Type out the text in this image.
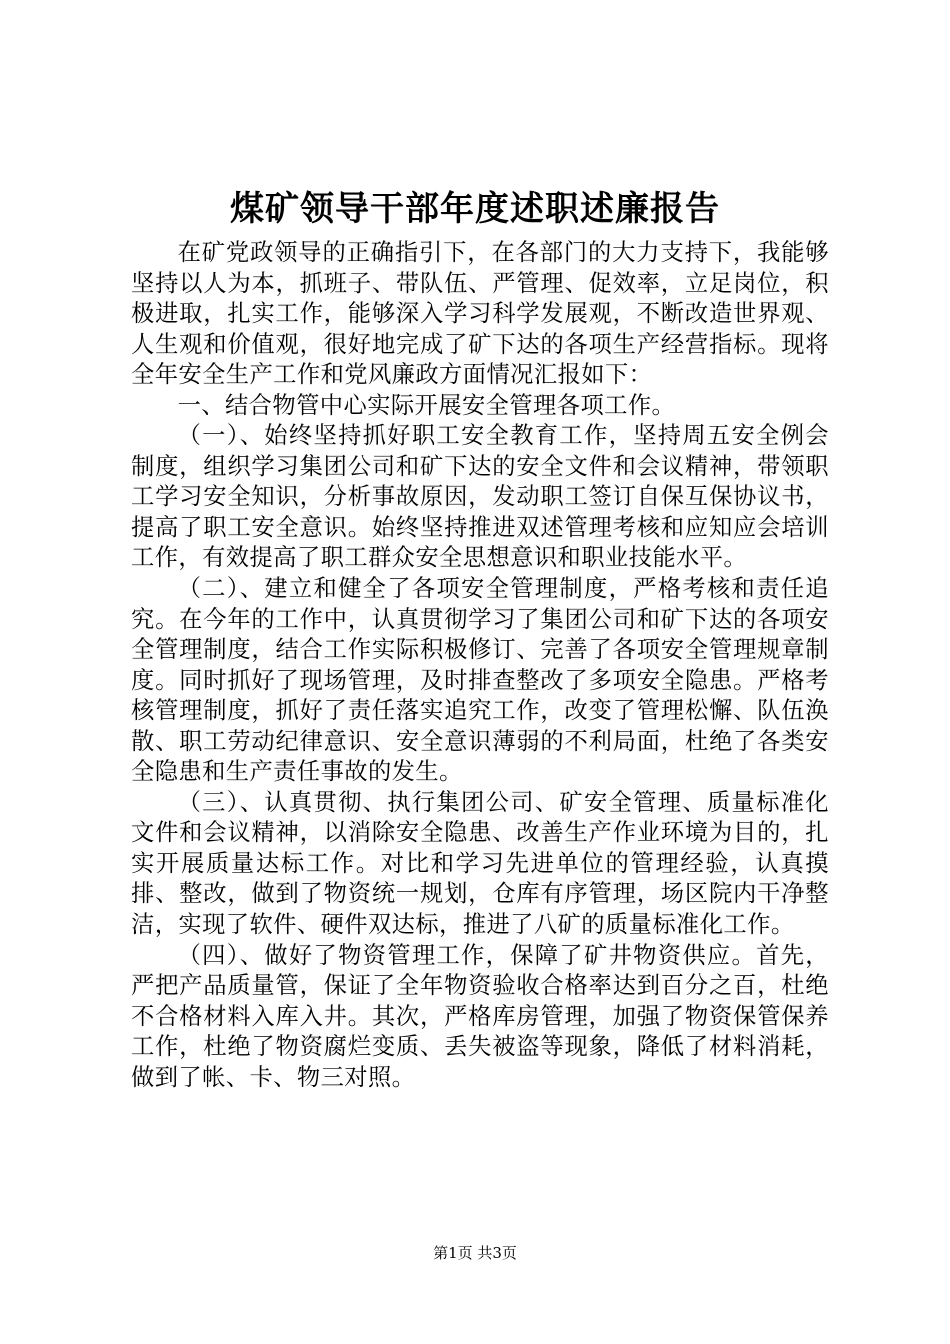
煤矿领导干部年度述职述廉报告

在矿党政领导的正确指引下，在各部门的大力支持下，我能够坚持以人为本，抓班子、带队伍、严管理、促效率，立足岗位，积极进取，扎实工作，能够深入学习科学发展观，不断改造世界观、人生观和价值观，很好地完成了矿下达的各项生产经营指标。现将全年安全生产工作和党风廉政方面情况汇报如下：

一、结合物管中心实际开展安全管理各项工作。

（一）、始终坚持抓好职工安全教育工作，坚持周五安全例会制度，组织学习集团公司和矿下达的安全文件和会议精神，带领职工学习安全知识，分析事故原因，发动职工签订自保互保协议书，提高了职工安全意识。始终坚持推进双述管理考核和应知应会培训工作，有效提高了职工群众安全思想意识和职业技能水平。

（二）、建立和健全了各项安全管理制度，严格考核和责任追究。在今年的工作中，认真贯彻学习了集团公司和矿下达的各项安全管理制度，结合工作实际积极修订、完善了各项安全管理规章制度。同时抓好了现场管理，及时排查整改了多项安全隐患。严格考核管理制度，抓好了责任落实追究工作，改变了管理松懈、队伍涣散、职工劳动纪律意识、安全意识薄弱的不利局面，杜绝了各类安全隐患和生产责任事故的发生。

（三）、认真贯彻、执行集团公司、矿安全管理、质量标准化文件和会议精神，以消除安全隐患、改善生产作业环境为目的，扎实开展质量达标工作。对比和学习先进单位的管理经验，认真摸排、整改，做到了物资统一规划，仓库有序管理，场区院内干净整洁，实现了软件、硬件双达标，推进了八矿的质量标准化工作。

（四）、做好了物资管理工作，保障了矿井物资供应。首先，严把产品质量管，保证了全年物资验收合格率达到百分之百，杜绝不合格材料入库入井。其次，严格库房管理，加强了物资保管保养工作，杜绝了物资腐烂变质、丢失被盗等现象，降低了材料消耗，做到了帐、卡、物三对照。

第1页 共3页
